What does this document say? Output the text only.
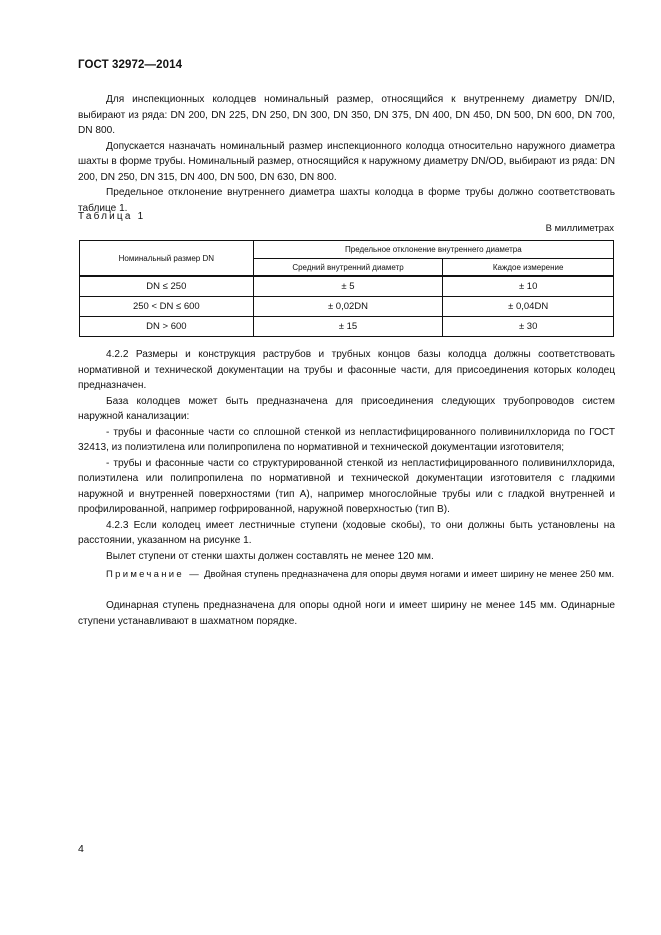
ГОСТ 32972—2014

Для инспекционных колодцев номинальный размер, относящийся к внутреннему диаметру DN/ID, выбирают из ряда: DN 200, DN 225, DN 250, DN 300, DN 350, DN 375, DN 400, DN 450, DN 500, DN 600, DN 700, DN 800.

Допускается назначать номинальный размер инспекционного колодца относительно наружного диаметра шахты в форме трубы. Номинальный размер, относящийся к наружному диаметру DN/OD, выбирают из ряда: DN 200, DN 250, DN 315, DN 400, DN 500, DN 630, DN 800.

Предельное отклонение внутреннего диаметра шахты колодца в форме трубы должно соответствовать таблице 1.

Таблица 1
В миллиметрах
Номинальный размер DN	Предельное отклонение внутреннего диаметра	
	Средний внутренний диаметр	Каждое измерение
DN ≤ 250	± 5	± 10
250 < DN ≤ 600	± 0,02DN	± 0,04DN
DN > 600	± 15	± 30

4.2.2 Размеры и конструкция раструбов и трубных концов базы колодца должны соответствовать нормативной и технической документации на трубы и фасонные части, для присоединения которых колодец предназначен.

База колодцев может быть предназначена для присоединения следующих трубопроводов систем наружной канализации:

- трубы и фасонные части со сплошной стенкой из непластифицированного поливинилхлорида по ГОСТ 32413, из полиэтилена или полипропилена по нормативной и технической документации изготовителя;

- трубы и фасонные части со структурированной стенкой из непластифицированного поливинилхлорида, полиэтилена или полипропилена по нормативной и технической документации изготовителя с гладкими наружной и внутренней поверхностями (тип А), например многослойные трубы или с гладкой внутренней и профилированной, например гофрированной, наружной поверхностью (тип В).

4.2.3 Если колодец имеет лестничные ступени (ходовые скобы), то они должны быть установлены на расстоянии, указанном на рисунке 1.

Вылет ступени от стенки шахты должен составлять не менее 120 мм.

Примечание — Двойная ступень предназначена для опоры двумя ногами и имеет ширину не менее 250 мм.

Одинарная ступень предназначена для опоры одной ноги и имеет ширину не менее 145 мм. Одинарные ступени устанавливают в шахматном порядке.

4
